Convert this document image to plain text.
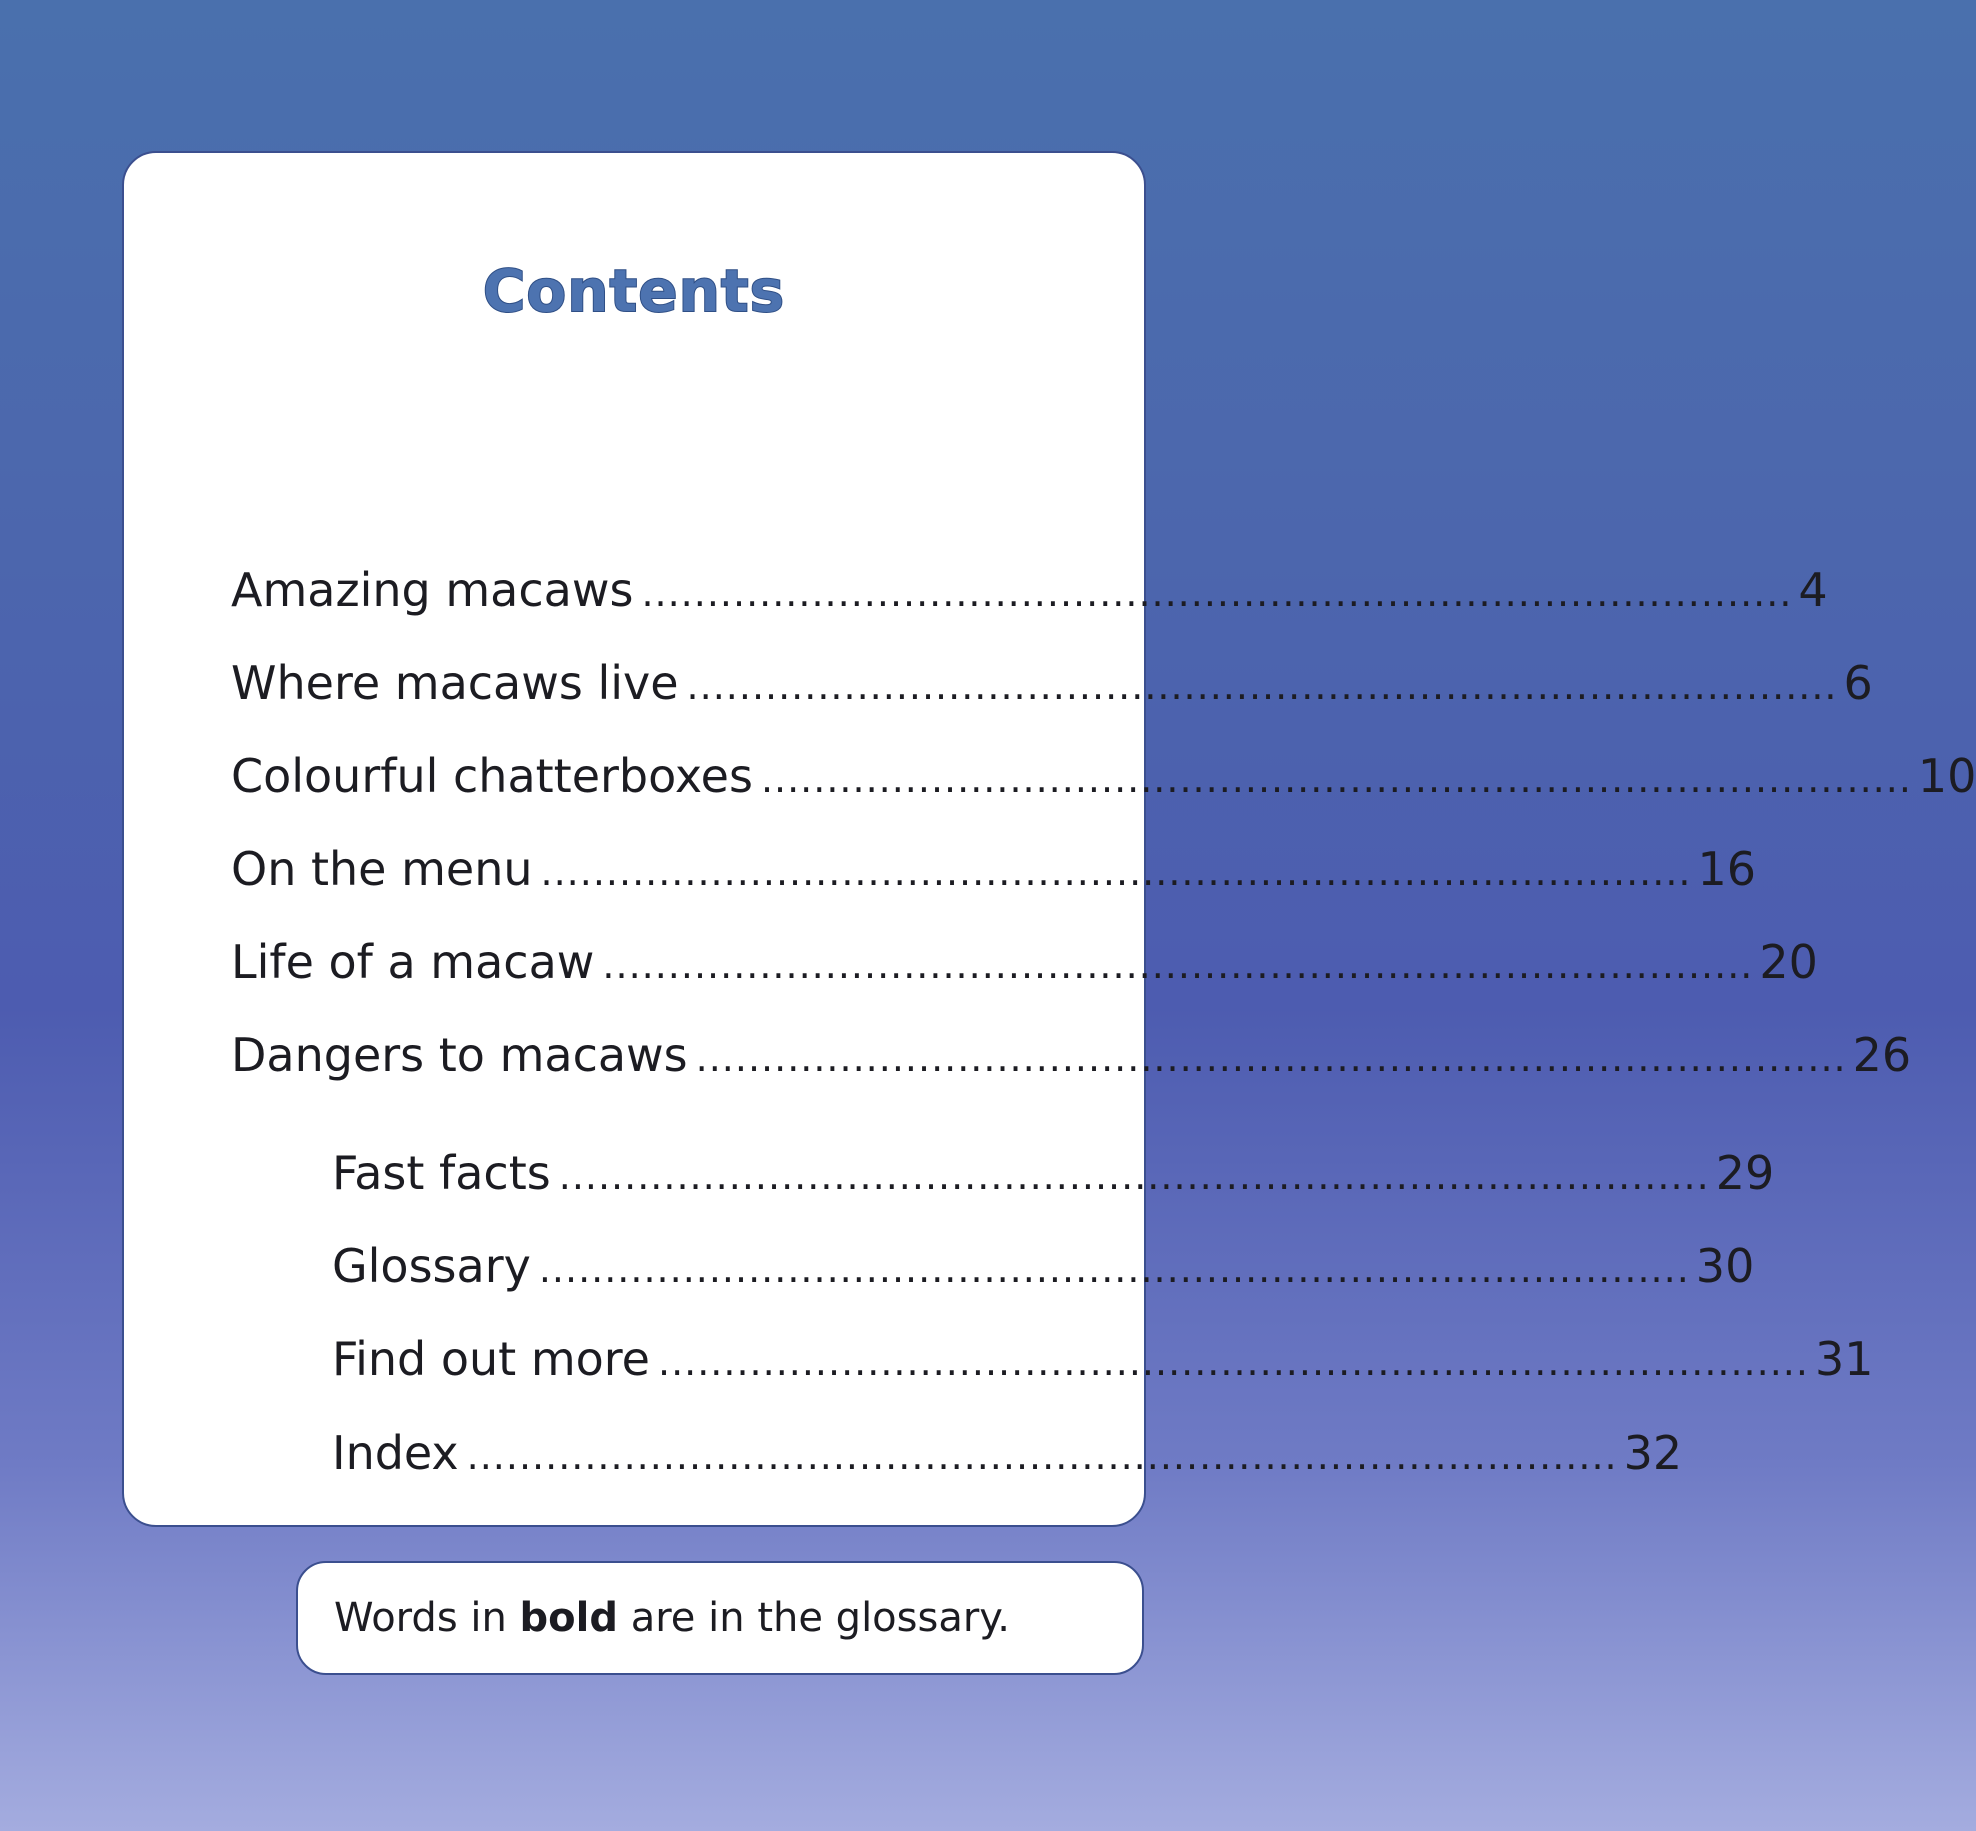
Contents
Amazing macaws ........................................................................................ 4
Where macaws live ........................................................................................ 6
Colourful chatterboxes ........................................................................................ 10
On the menu ........................................................................................ 16
Life of a macaw ........................................................................................ 20
Dangers to macaws ........................................................................................ 26
Fast facts ........................................................................................ 29
Glossary ........................................................................................ 30
Find out more ........................................................................................ 31
Index ........................................................................................ 32
Words in bold are in the glossary.
